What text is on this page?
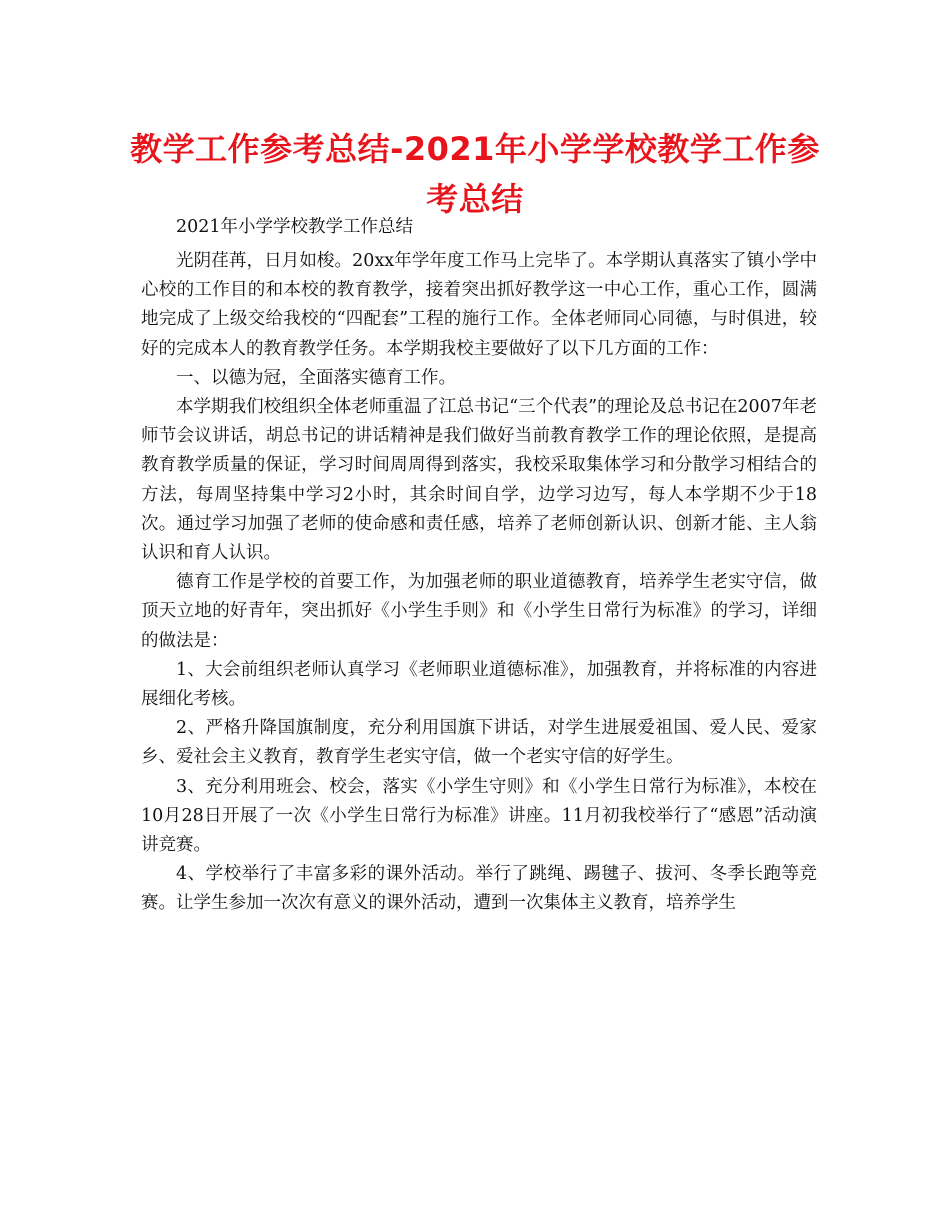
教学工作参考总结-2021年小学学校教学工作参考总结

2021年小学学校教学工作总结

光阴荏苒，日月如梭。20xx年学年度工作马上完毕了。本学期认真落实了镇小学中心校的工作目的和本校的教育教学，接着突出抓好教学这一中心工作，重心工作，圆满地完成了上级交给我校的“四配套”工程的施行工作。全体老师同心同德，与时俱进，较好的完成本人的教育教学任务。本学期我校主要做好了以下几方面的工作：

一、以德为冠，全面落实德育工作。

本学期我们校组织全体老师重温了江总书记“三个代表”的理论及总书记在2007年老师节会议讲话，胡总书记的讲话精神是我们做好当前教育教学工作的理论依照，是提高教育教学质量的保证，学习时间周周得到落实，我校采取集体学习和分散学习相结合的方法，每周坚持集中学习2小时，其余时间自学，边学习边写，每人本学期不少于18次。通过学习加强了老师的使命感和责任感，培养了老师创新认识、创新才能、主人翁认识和育人认识。

德育工作是学校的首要工作，为加强老师的职业道德教育，培养学生老实守信，做顶天立地的好青年，突出抓好《小学生手则》和《小学生日常行为标准》的学习，详细的做法是：

1、大会前组织老师认真学习《老师职业道德标准》，加强教育，并将标准的内容进展细化考核。

2、严格升降国旗制度，充分利用国旗下讲话，对学生进展爱祖国、爱人民、爱家乡、爱社会主义教育，教育学生老实守信，做一个老实守信的好学生。

3、充分利用班会、校会，落实《小学生守则》和《小学生日常行为标准》，本校在10月28日开展了一次《小学生日常行为标准》讲座。11月初我校举行了“感恩”活动演讲竞赛。

4、学校举行了丰富多彩的课外活动。举行了跳绳、踢毽子、拔河、冬季长跑等竞赛。让学生参加一次次有意义的课外活动，遭到一次集体主义教育，培养学生
